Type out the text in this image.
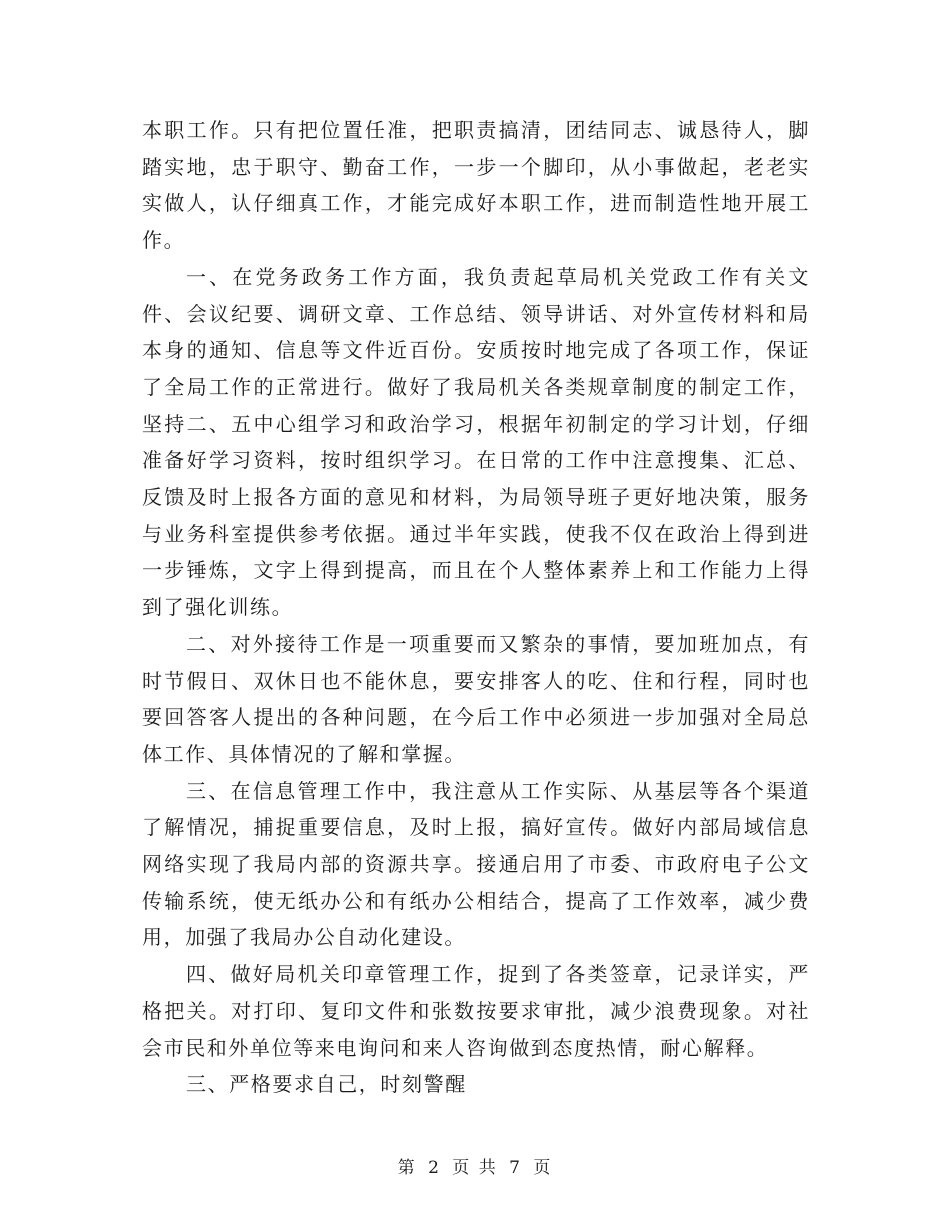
本职工作。只有把位置任准，把职责搞清，团结同志、诚恳待人，脚踏实地，忠于职守、勤奋工作，一步一个脚印，从小事做起，老老实实做人，认仔细真工作，才能完成好本职工作，进而制造性地开展工作。

一、在党务政务工作方面，我负责起草局机关党政工作有关文件、会议纪要、调研文章、工作总结、领导讲话、对外宣传材料和局本身的通知、信息等文件近百份。安质按时地完成了各项工作，保证了全局工作的正常进行。做好了我局机关各类规章制度的制定工作，坚持二、五中心组学习和政治学习，根据年初制定的学习计划，仔细准备好学习资料，按时组织学习。在日常的工作中注意搜集、汇总、反馈及时上报各方面的意见和材料，为局领导班子更好地决策，服务与业务科室提供参考依据。通过半年实践，使我不仅在政治上得到进一步锤炼，文字上得到提高，而且在个人整体素养上和工作能力上得到了强化训练。

二、对外接待工作是一项重要而又繁杂的事情，要加班加点，有时节假日、双休日也不能休息，要安排客人的吃、住和行程，同时也要回答客人提出的各种问题，在今后工作中必须进一步加强对全局总体工作、具体情况的了解和掌握。

三、在信息管理工作中，我注意从工作实际、从基层等各个渠道了解情况，捕捉重要信息，及时上报，搞好宣传。做好内部局域信息网络实现了我局内部的资源共享。接通启用了市委、市政府电子公文传输系统，使无纸办公和有纸办公相结合，提高了工作效率，减少费用，加强了我局办公自动化建设。

四、做好局机关印章管理工作，捉到了各类签章，记录详实，严格把关。对打印、复印文件和张数按要求审批，减少浪费现象。对社会市民和外单位等来电询问和来人咨询做到态度热情，耐心解释。

三、严格要求自己，时刻警醒

第 2 页 共 7 页
